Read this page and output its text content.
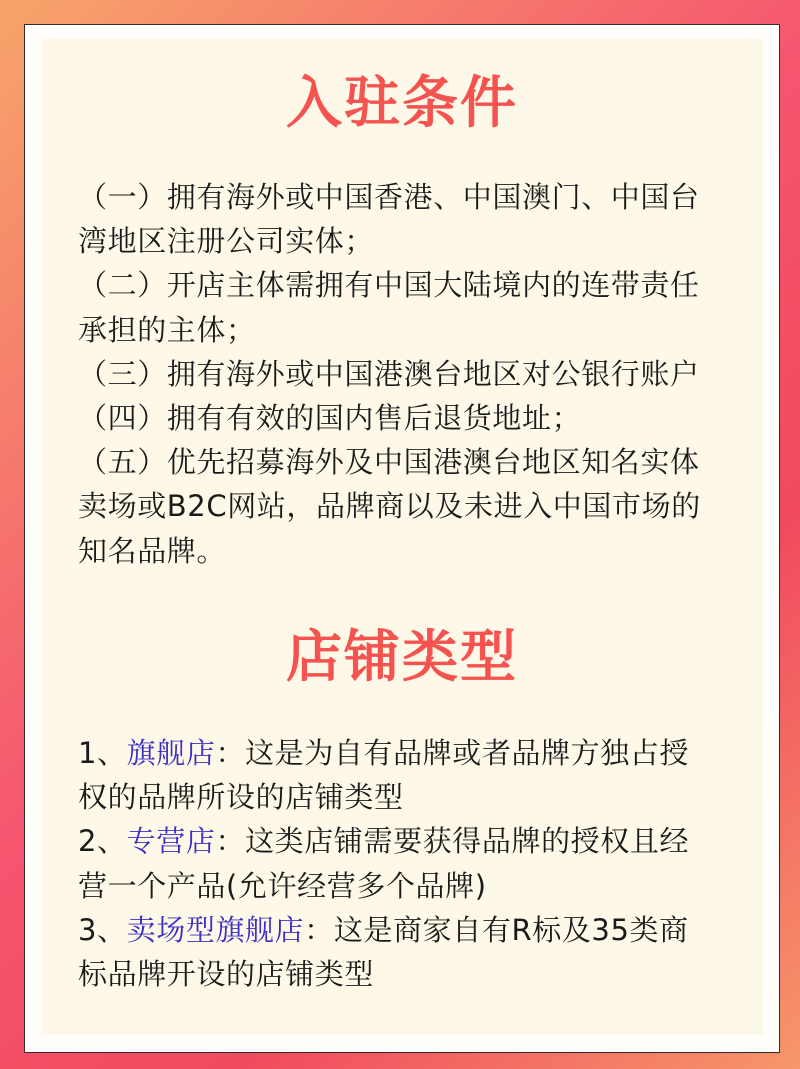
入驻条件
（一）拥有海外或中国香港、中国澳门、中国台
湾地区注册公司实体；
（二）开店主体需拥有中国大陆境内的连带责任
承担的主体；
（三）拥有海外或中国港澳台地区对公银行账户
（四）拥有有效的国内售后退货地址；
（五）优先招募海外及中国港澳台地区知名实体
卖场或B2C网站，品牌商以及未进入中国市场的
知名品牌。
店铺类型
1、旗舰店：这是为自有品牌或者品牌方独占授
权的品牌所设的店铺类型
2、专营店：这类店铺需要获得品牌的授权且经
营一个产品(允许经营多个品牌)
3、卖场型旗舰店：这是商家自有R标及35类商
标品牌开设的店铺类型
